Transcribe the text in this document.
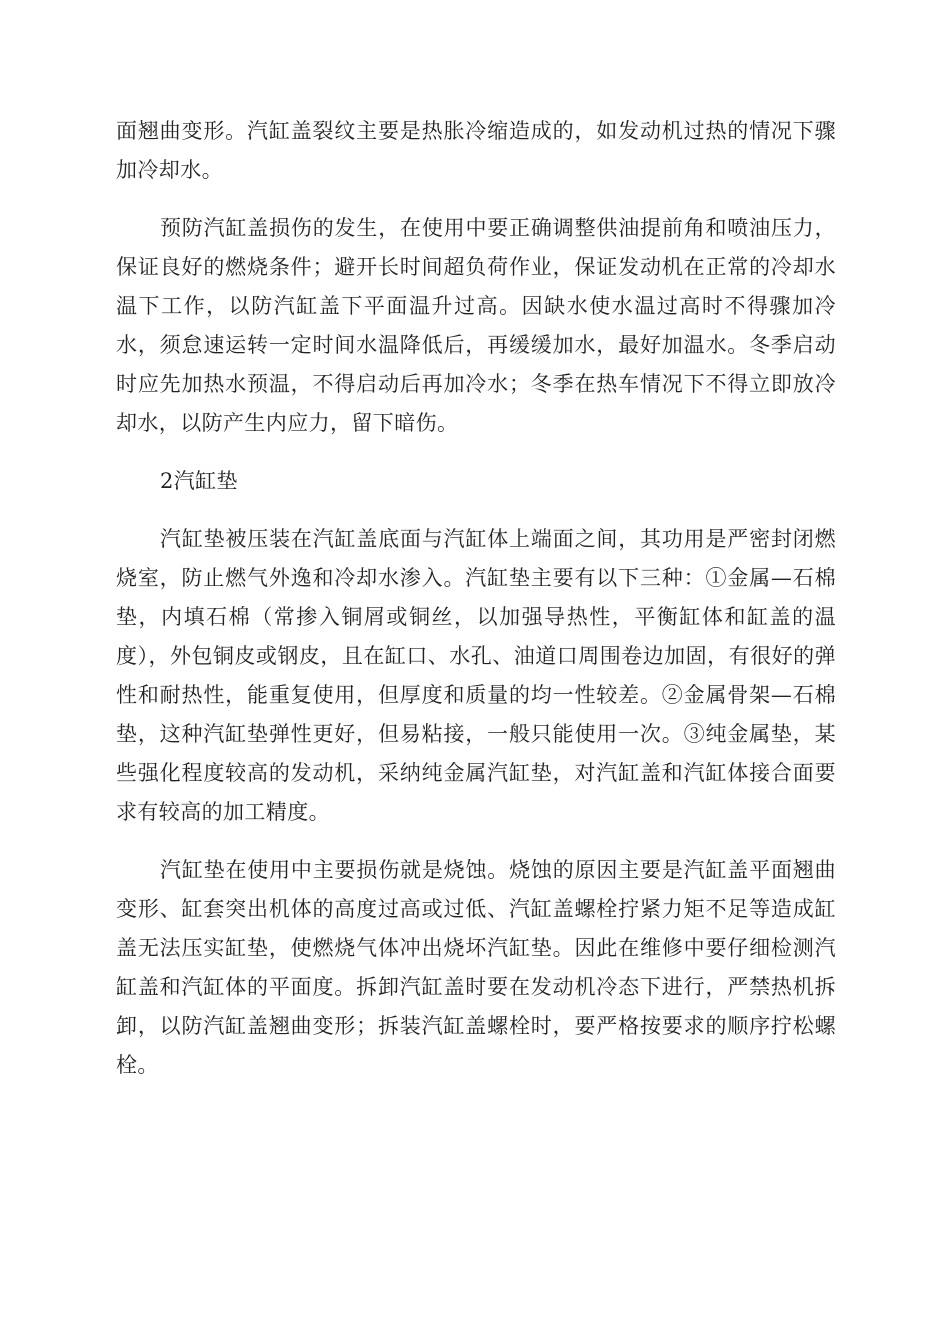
面翘曲变形。汽缸盖裂纹主要是热胀冷缩造成的，如发动机过热的情况下骤加冷却水。

预防汽缸盖损伤的发生，在使用中要正确调整供油提前角和喷油压力，保证良好的燃烧条件；避开长时间超负荷作业，保证发动机在正常的冷却水温下工作，以防汽缸盖下平面温升过高。因缺水使水温过高时不得骤加冷水，须怠速运转一定时间水温降低后，再缓缓加水，最好加温水。冬季启动时应先加热水预温，不得启动后再加冷水；冬季在热车情况下不得立即放冷却水，以防产生内应力，留下暗伤。

2汽缸垫

汽缸垫被压装在汽缸盖底面与汽缸体上端面之间，其功用是严密封闭燃烧室，防止燃气外逸和冷却水渗入。汽缸垫主要有以下三种：①金属—石棉垫，内填石棉（常掺入铜屑或铜丝，以加强导热性，平衡缸体和缸盖的温度），外包铜皮或钢皮，且在缸口、水孔、油道口周围卷边加固，有很好的弹性和耐热性，能重复使用，但厚度和质量的均一性较差。②金属骨架—石棉垫，这种汽缸垫弹性更好，但易粘接，一般只能使用一次。③纯金属垫，某些强化程度较高的发动机，采纳纯金属汽缸垫，对汽缸盖和汽缸体接合面要求有较高的加工精度。

汽缸垫在使用中主要损伤就是烧蚀。烧蚀的原因主要是汽缸盖平面翘曲变形、缸套突出机体的高度过高或过低、汽缸盖螺栓拧紧力矩不足等造成缸盖无法压实缸垫，使燃烧气体冲出烧坏汽缸垫。因此在维修中要仔细检测汽缸盖和汽缸体的平面度。拆卸汽缸盖时要在发动机冷态下进行，严禁热机拆卸，以防汽缸盖翘曲变形；拆装汽缸盖螺栓时，要严格按要求的顺序拧松螺栓。
